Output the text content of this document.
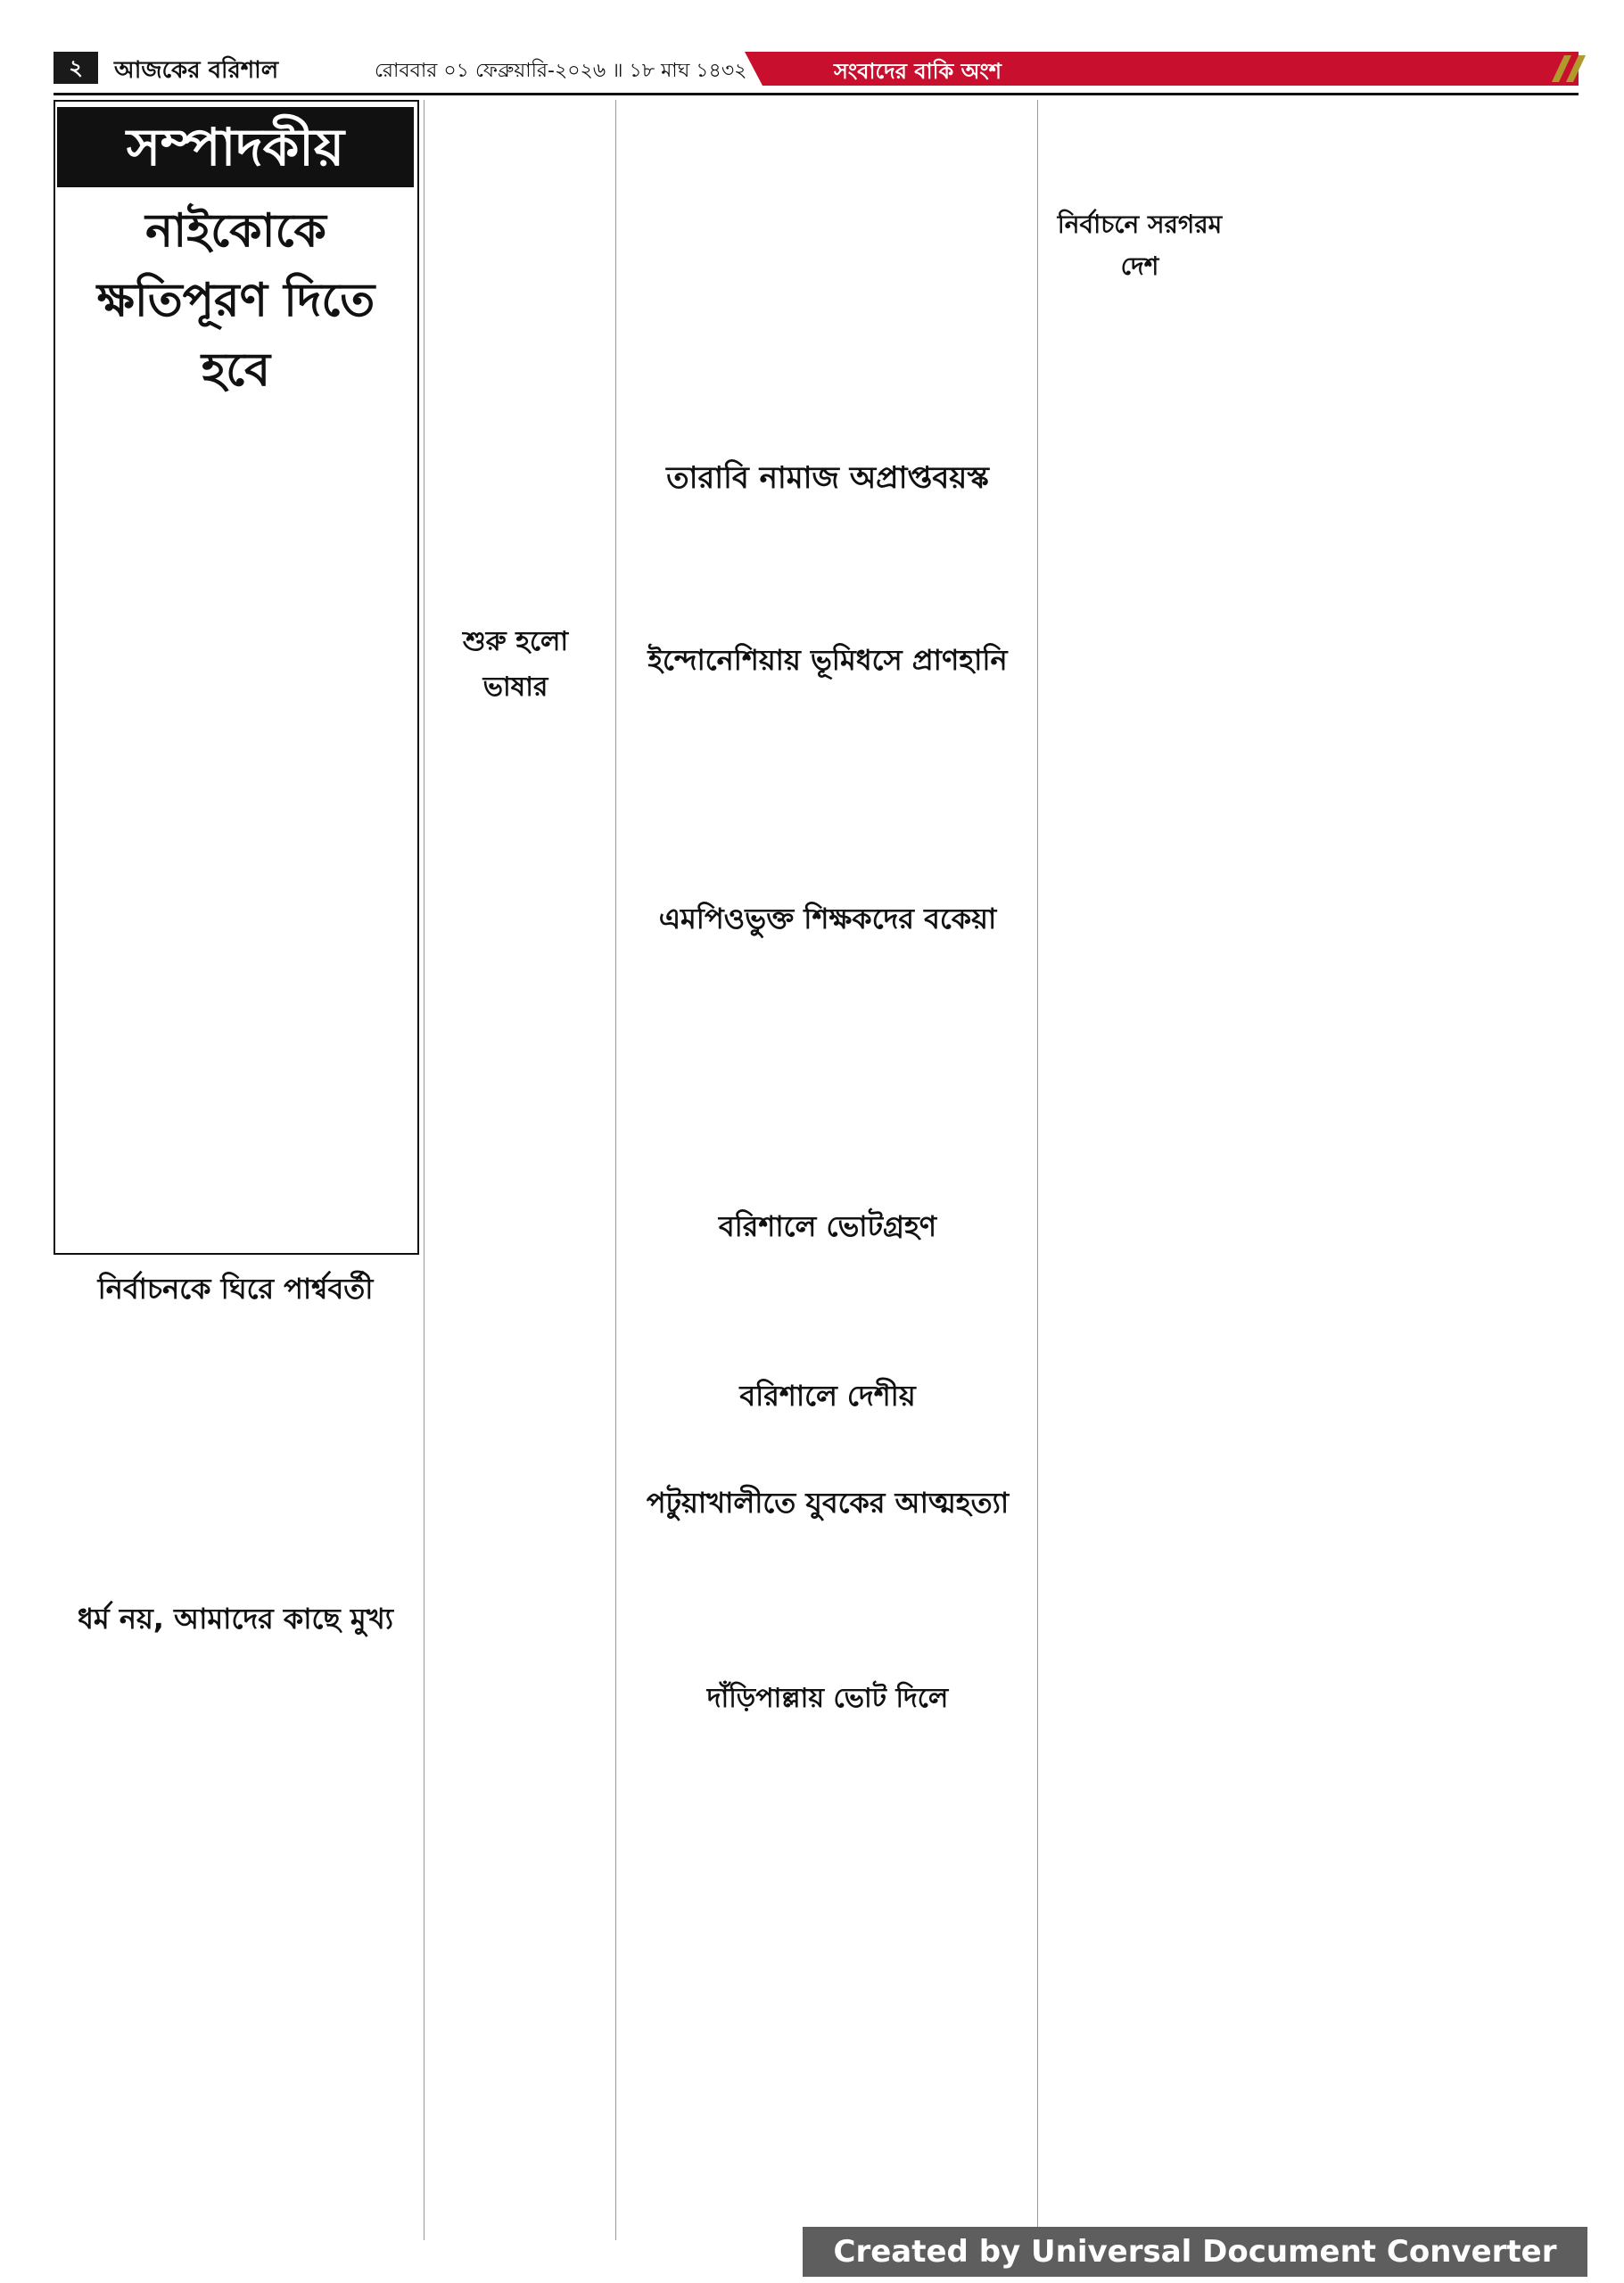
২	আজকের বরিশাল	রোববার ০১ ফেব্রুয়ারি-২০২৬ ॥ ১৮ মাঘ ১৪৩২	সংবাদের বাকি অংশ
সম্পাদকীয়
নাইকোকে ক্ষতিপূরণ দিতে হবে
নির্বাচনকে ঘিরে পার্শ্ববর্তী
ধর্ম নয়, আমাদের কাছে মুখ্য
শুরু হলো ভাষার
তারাবি নামাজ অপ্রাপ্তবয়স্ক
ইন্দোনেশিয়ায় ভূমিধসে প্রাণহানি
এমপিওভুক্ত শিক্ষকদের বকেয়া
বরিশালে ভোটগ্রহণ
বরিশালে দেশীয়
পটুয়াখালীতে যুবকের আত্মহত্যা
দাঁড়িপাল্লায় ভোট দিলে
নির্বাচনে সরগরম দেশ
Created by Universal Document Converter
